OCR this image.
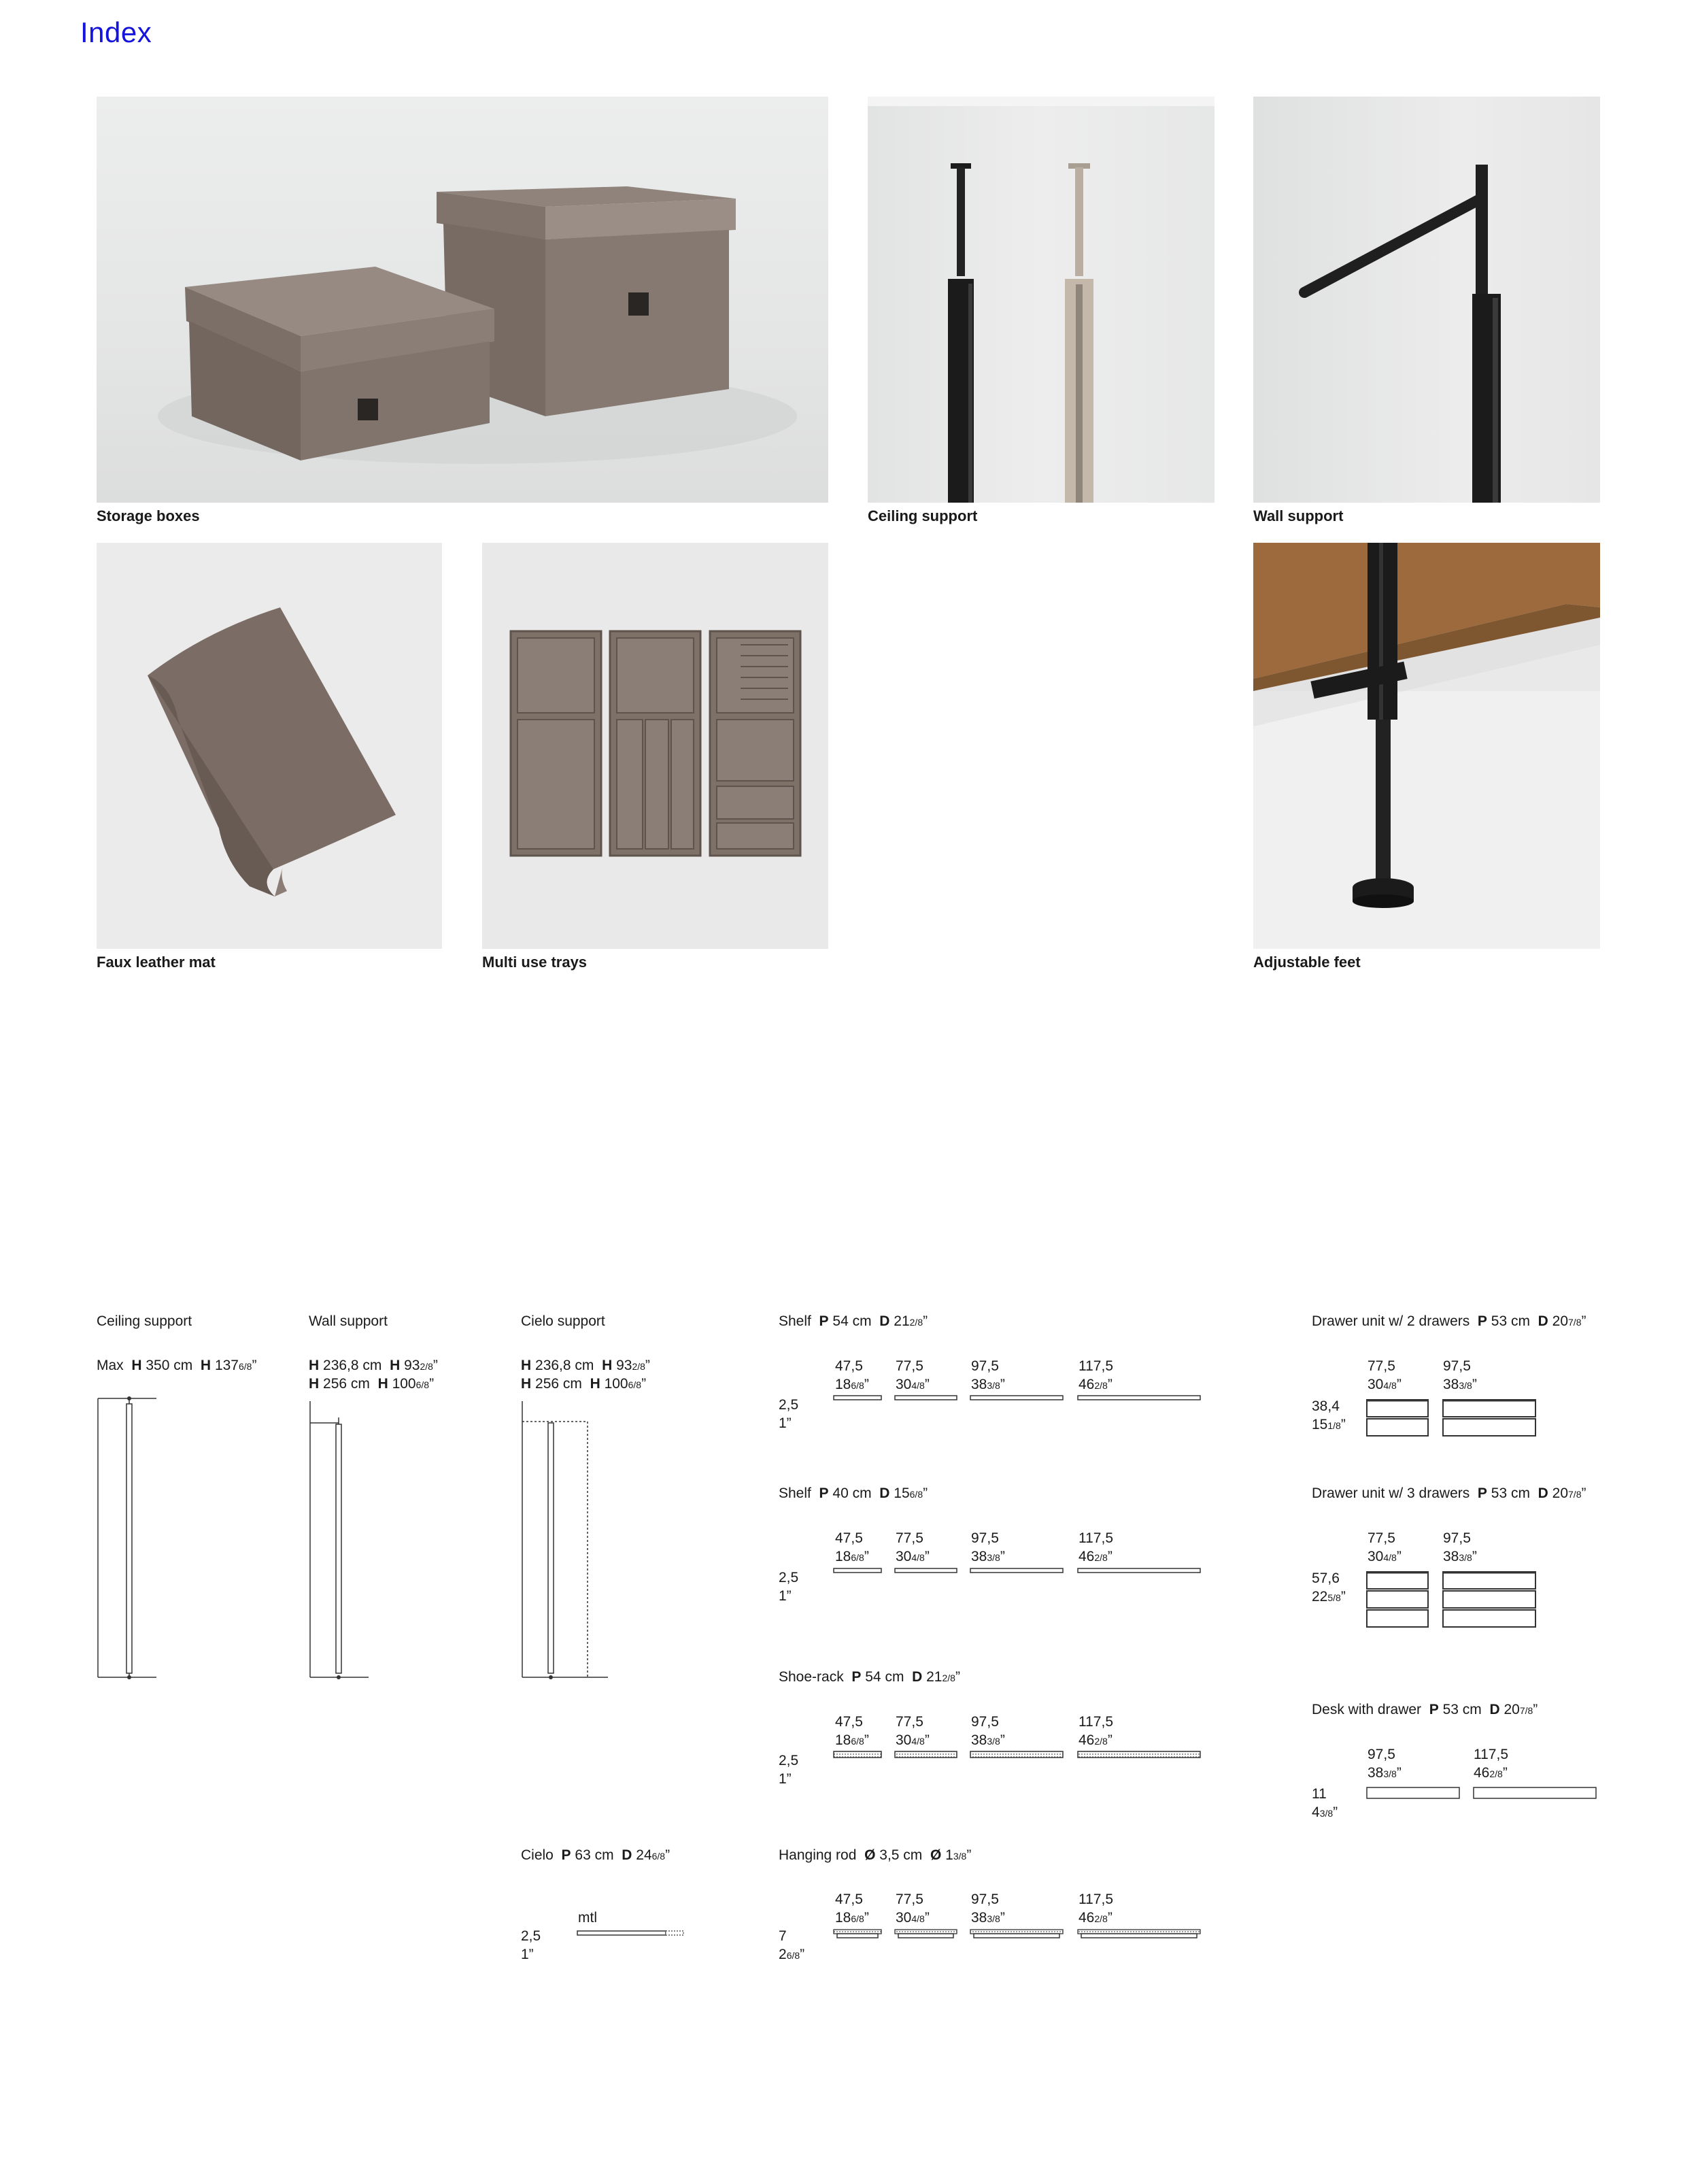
Index
Storage boxes	Ceiling support	Wall support
Faux leather mat	Multi use trays	Adjustable feet
Ceiling support
Max H 350 cm H 1376/8”
Wall support
H 236,8 cm H 932/8”
H 256 cm H 1006/8”
Cielo support
H 236,8 cm H 932/8”
H 256 cm H 1006/8”
Cielo P 63 cm D 246/8”
mtl
2,5
1”
Shelf P 54 cm D 212/8”
47,5 77,5	97,5	117,5
186/8” 304/8”	383/8”	462/8”
2,5
1”
Shelf P 40 cm D 156/8”
47,5 77,5	97,5	117,5
186/8” 304/8”	383/8”	462/8”
2,5
1”
Shoe-rack P 54 cm D 212/8”
47,5 77,5	97,5	117,5
186/8” 304/8”	383/8”	462/8”
2,5
1”
Hanging rod Ø 3,5 cm Ø 13/8”
47,5 77,5	97,5	117,5
186/8” 304/8”	383/8”	462/8”
7
26/8”
Drawer unit w/ 2 drawers P 53 cm D 207/8”
77,5	97,5
304/8”	383/8”
38,4
151/8”
Drawer unit w/ 3 drawers P 53 cm D 207/8”
77,5	97,5
304/8”	383/8”
57,6
225/8”
Desk with drawer P 53 cm D 207/8”
97,5	117,5
383/8”	462/8”
11
43/8”
